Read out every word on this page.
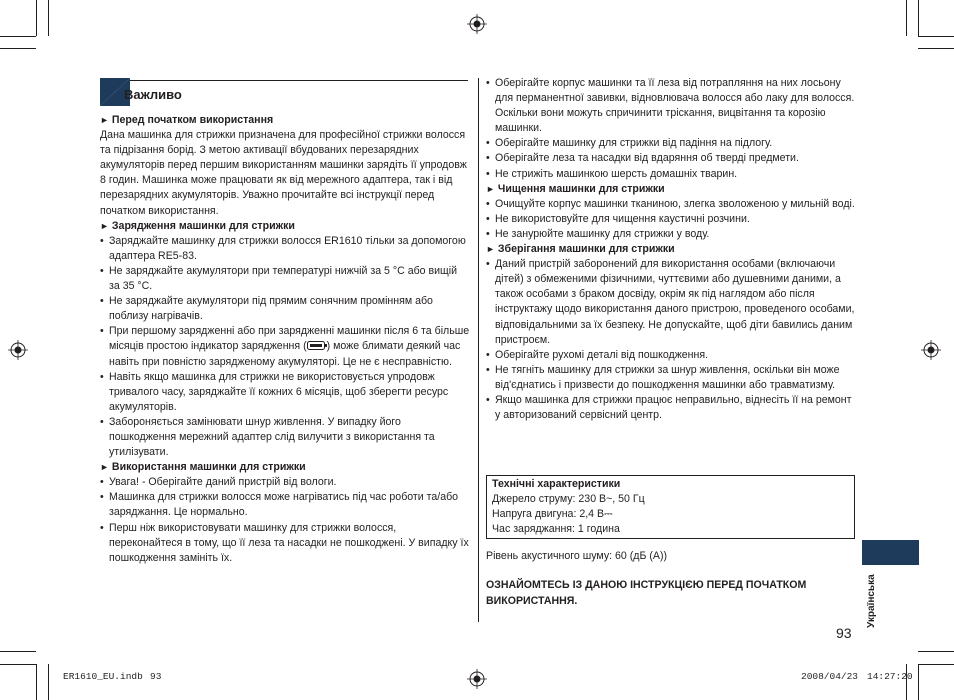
Важливо

► Перед початком використання

Дана машинка для стрижки призначена для професійної стрижки волосся та підрізання борід. З метою активації вбудованих перезарядних акумуляторів перед першим використанням машинки зарядіть її упродовж 8 годин. Машинка може працювати як від мережного адаптера, так і від перезарядних акумуляторів. Уважно прочитайте всі інструкції перед початком використання.

► Зарядження машинки для стрижки

• Заряджайте машинку для стрижки волосся ER1610 тільки за допомогою адаптера RE5-83.

• Не заряджайте акумулятори при температурі нижчій за 5 °C або вищій за 35 °C.

• Не заряджайте акумулятори під прямим сонячним промінням або поблизу нагрівачів.

• При першому зарядженні або при зарядженні машинки після 6 та більше місяців простою індикатор зарядження ( ) може блимати деякий час навіть при повністю зарядженому акумуляторі. Це не є несправністю.

• Навіть якщо машинка для стрижки не використовується упродовж тривалого часу, заряджайте її кожних 6 місяців, щоб зберегти ресурс акумуляторів.

• Забороняється замінювати шнур живлення. У випадку його пошкодження мережний адаптер слід вилучити з використання та утилізувати.

► Використання машинки для стрижки

• Увага! - Оберігайте даний пристрій від вологи.

• Машинка для стрижки волосся може нагріватись під час роботи та/або заряджання. Це нормально.

• Перш ніж використовувати машинку для стрижки волосся, переконайтеся в тому, що її леза та насадки не пошкоджені. У випадку їх пошкодження замініть їх.

• Оберігайте корпус машинки та її леза від потрапляння на них лосьону для перманентної завивки, відновлювача волосся або лаку для волосся.

Оскільки вони можуть спричинити тріскання, вицвітання та корозію машинки.

• Оберігайте машинку для стрижки від падіння на підлогу.

• Оберігайте леза та насадки від вдаряння об тверді предмети.

• Не стрижіть машинкою шерсть домашніх тварин.

► Чищення машинки для стрижки

• Очищуйте корпус машинки тканиною, злегка зволоженою у мильній воді.

• Не використовуйте для чищення каустичні розчини.

• Не занурюйте машинку для стрижки у воду.

► Зберігання машинки для стрижки

• Даний пристрій заборонений для використання особами (включаючи дітей) з обмеженими фізичними, чуттєвими або душевними даними, а також особами з браком досвіду, окрім як під наглядом або після інструктажу щодо використання даного пристрою, проведеного особами, відповідальними за їх безпеку. Не допускайте, щоб діти бавились даним пристроєм.

• Оберігайте рухомі деталі від пошкодження.

• Не тягніть машинку для стрижки за шнур живлення, оскільки він може від'єднатись і призвести до пошкодження машинки або травматизму.

• Якщо машинка для стрижки працює неправильно, віднесіть її на ремонт у авторизований сервісний центр.

Технічні характеристики
Джерело струму: 230 В~, 50 Гц
Напруга двигуна: 2,4 В⎓
Час заряджання: 1 година
Рівень акустичного шуму: 60 (дБ (A))
ОЗНАЙОМТЕСЬ ІЗ ДАНОЮ ІНСТРУКЦІЄЮ ПЕРЕД ПОЧАТКОМ ВИКОРИСТАННЯ.	Українська
93
ER1610_EU.indb 93	2008/04/23 14:27:20
